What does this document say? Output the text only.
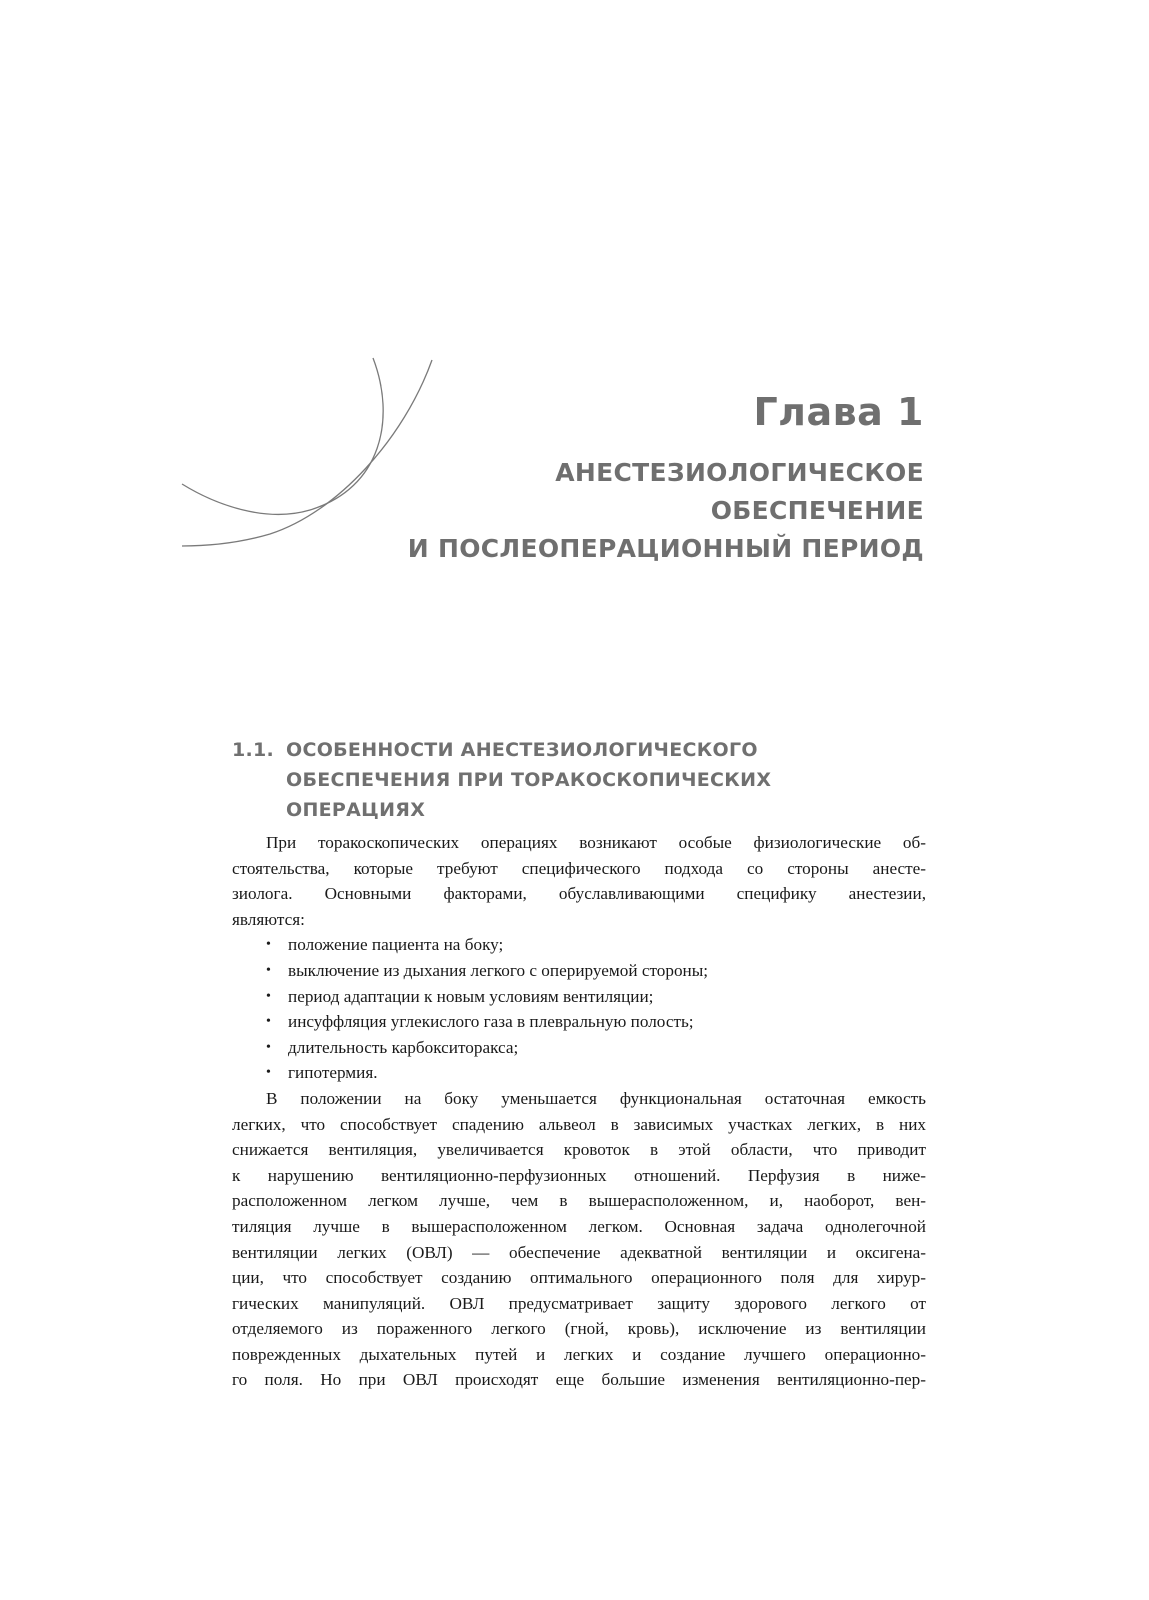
Глава 1
АНЕСТЕЗИОЛОГИЧЕСКОЕ
ОБЕСПЕЧЕНИЕ
И ПОСЛЕОПЕРАЦИОННЫЙ ПЕРИОД
1.1. ОСОБЕННОСТИ АНЕСТЕЗИОЛОГИЧЕСКОГО
ОБЕСПЕЧЕНИЯ ПРИ ТОРАКОСКОПИЧЕСКИХ
ОПЕРАЦИЯХ
При торакоскопических операциях возникают особые физиологические об-
стоятельства, которые требуют специфического подхода со стороны анесте-
зиолога. Основными факторами, обуславливающими специфику анестезии,
являются:
• положение пациента на боку;
• выключение из дыхания легкого с оперируемой стороны;
• период адаптации к новым условиям вентиляции;
• инсуффляция углекислого газа в плевральную полость;
• длительность карбокситоракса;
• гипотермия.
В положении на боку уменьшается функциональная остаточная емкость
легких, что способствует спадению альвеол в зависимых участках легких, в них
снижается вентиляция, увеличивается кровоток в этой области, что приводит
к нарушению вентиляционно-перфузионных отношений. Перфузия в ниже-
расположенном легком лучше, чем в вышерасположенном, и, наоборот, вен-
тиляция лучше в вышерасположенном легком. Основная задача однолегочной
вентиляции легких (ОВЛ) — обеспечение адекватной вентиляции и оксигена-
ции, что способствует созданию оптимального операционного поля для хирур-
гических манипуляций. ОВЛ предусматривает защиту здорового легкого от
отделяемого из пораженного легкого (гной, кровь), исключение из вентиляции
поврежденных дыхательных путей и легких и создание лучшего операционно-
го поля. Но при ОВЛ происходят еще большие изменения вентиляционно-пер-
